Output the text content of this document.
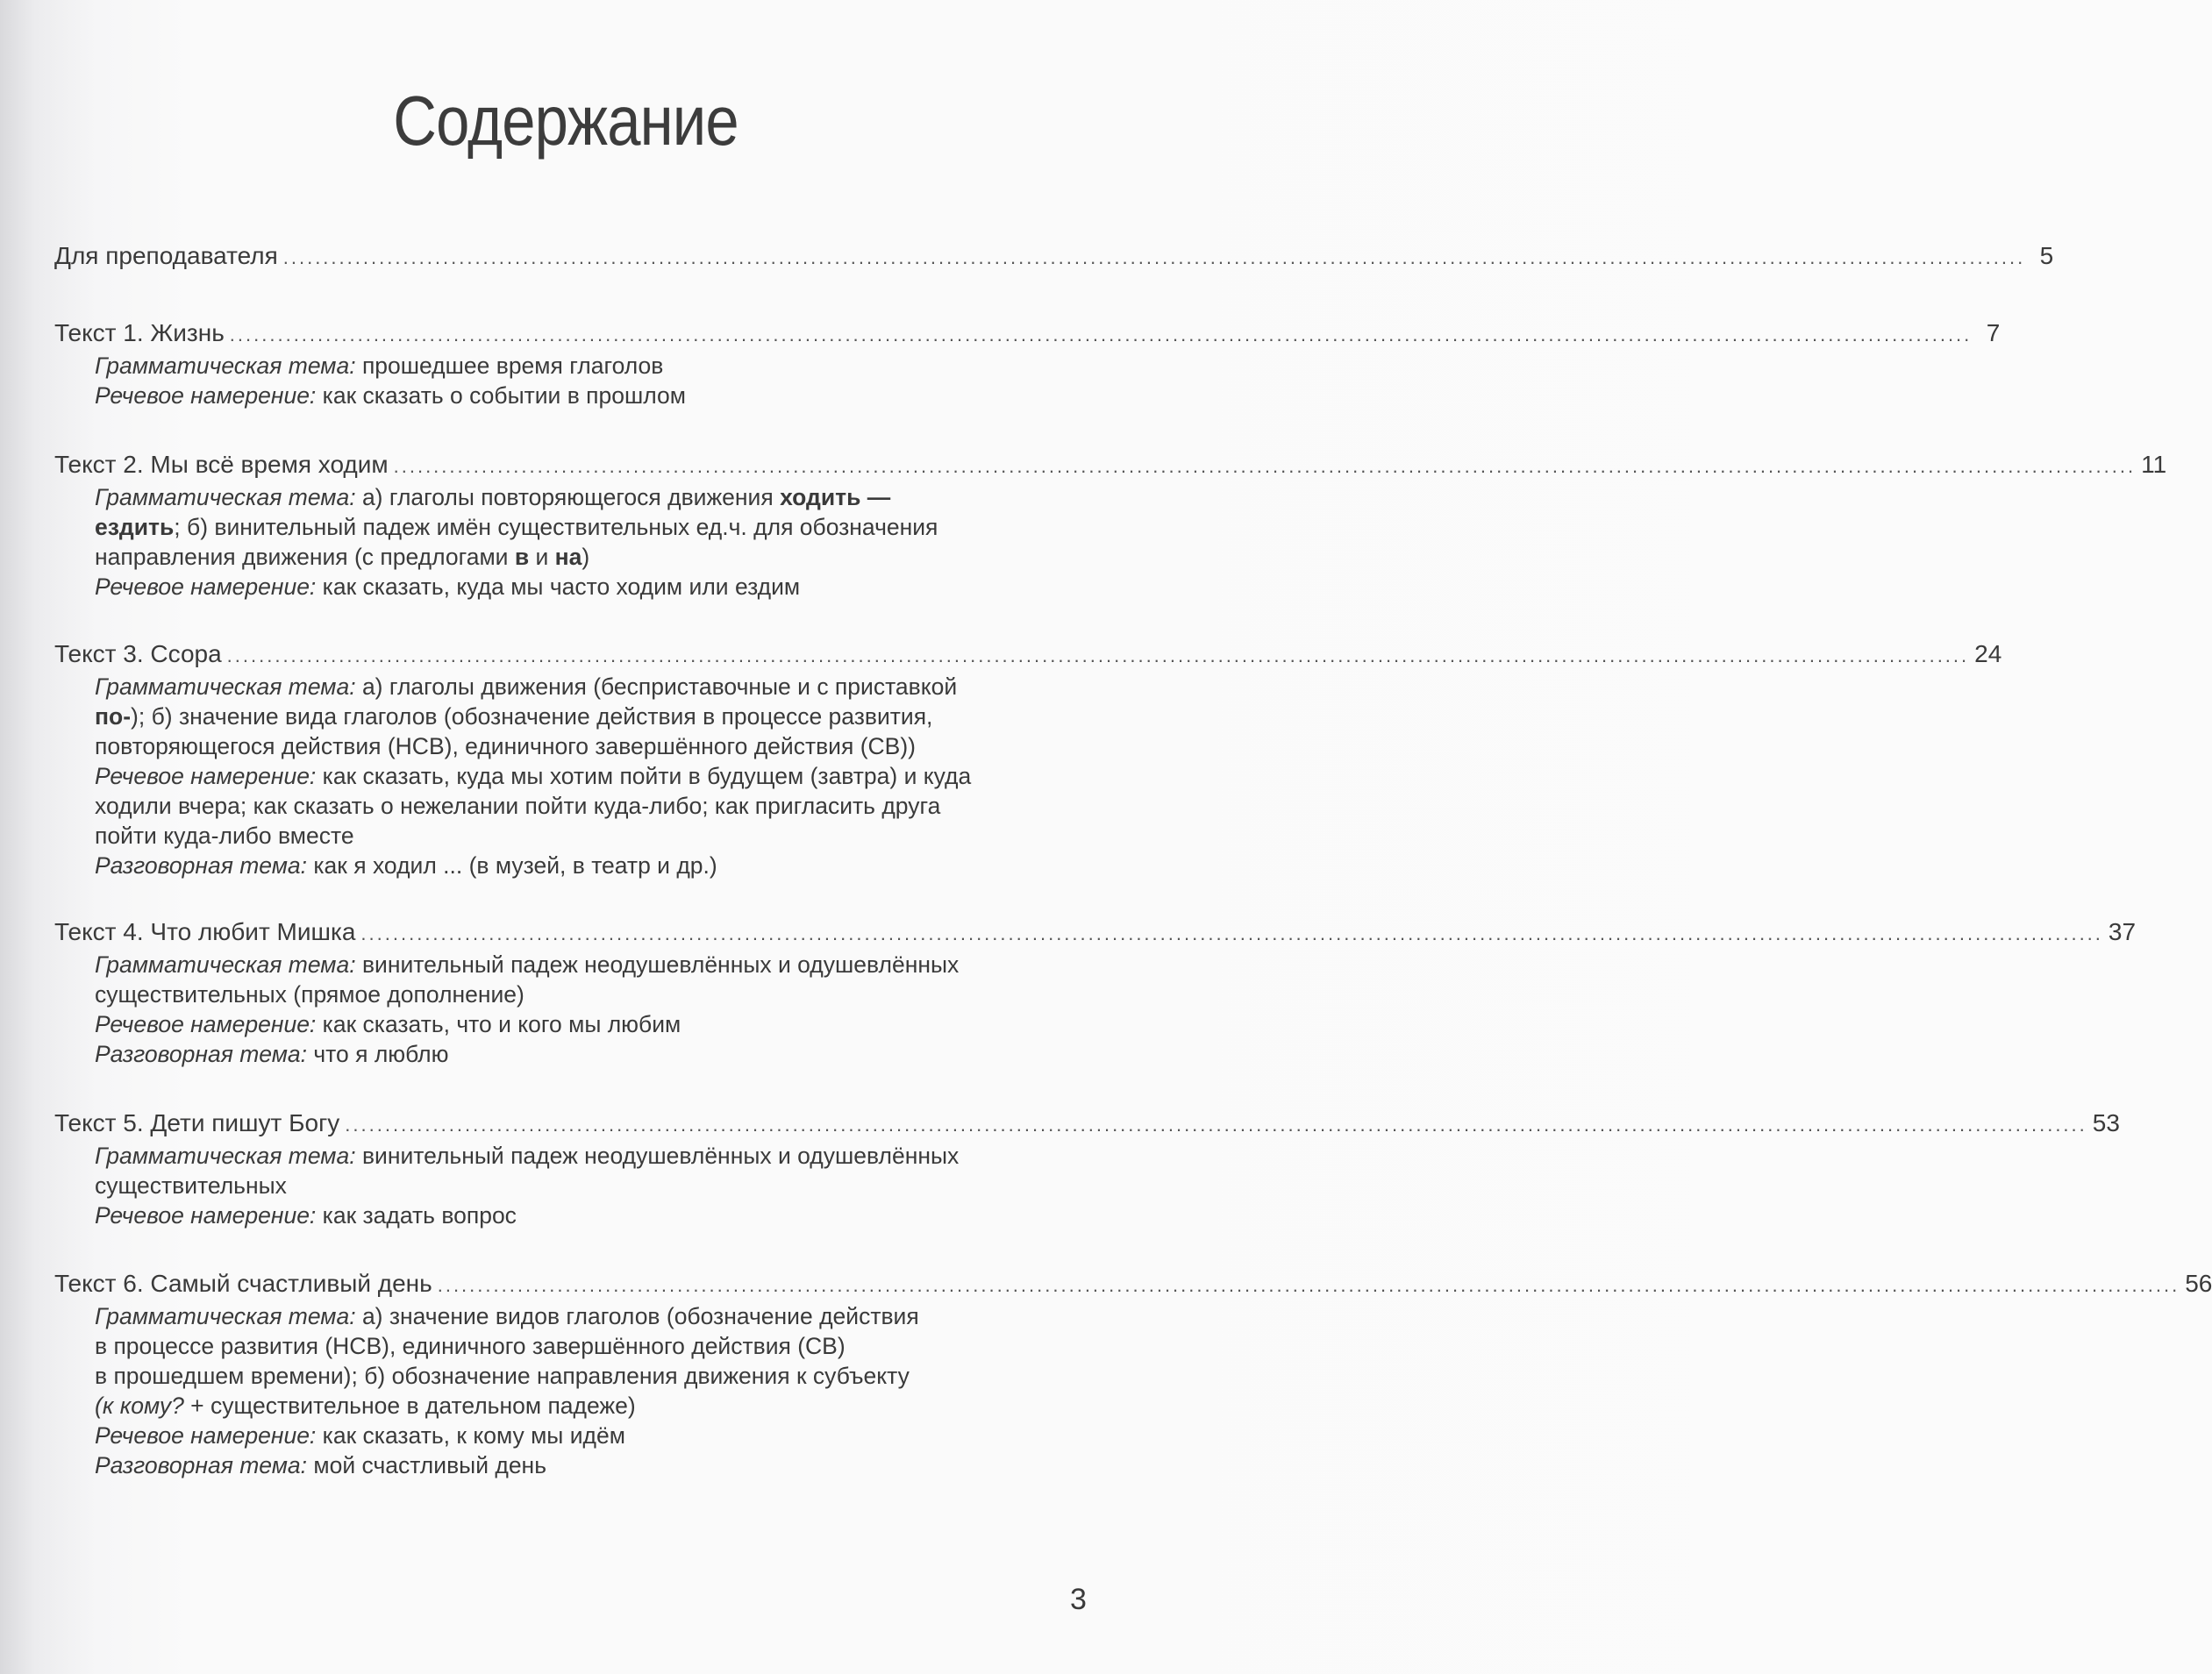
Содержание
Для преподавателя .......................................................................................................................................................................................................................... 5
Текст 1. Жизнь .......................................................................................................................................................................................................................... 7

Грамматическая тема: прошедшее время глаголов

Речевое намерение: как сказать о событии в прошлом

Текст 2. Мы всё время ходим .......................................................................................................................................................................................................................... 11

Грамматическая тема: а) глаголы повторяющегося движения ходить —

ездить; б) винительный падеж имён существительных ед.ч. для обозначения

направления движения (с предлогами в и на)

Речевое намерение: как сказать, куда мы часто ходим или ездим

Текст 3. Ссора .......................................................................................................................................................................................................................... 24

Грамматическая тема: а) глаголы движения (бесприставочные и с приставкой

по-); б) значение вида глаголов (обозначение действия в процессе развития,

повторяющегося действия (НСВ), единичного завершённого действия (СВ))

Речевое намерение: как сказать, куда мы хотим пойти в будущем (завтра) и куда

ходили вчера; как сказать о нежелании пойти куда-либо; как пригласить друга

пойти куда-либо вместе

Разговорная тема: как я ходил ... (в музей, в театр и др.)

Текст 4. Что любит Мишка .......................................................................................................................................................................................................................... 37

Грамматическая тема: винительный падеж неодушевлённых и одушевлённых

существительных (прямое дополнение)

Речевое намерение: как сказать, что и кого мы любим

Разговорная тема: что я люблю

Текст 5. Дети пишут Богу .......................................................................................................................................................................................................................... 53

Грамматическая тема: винительный падеж неодушевлённых и одушевлённых

существительных

Речевое намерение: как задать вопрос

Текст 6. Самый счастливый день .......................................................................................................................................................................................................................... 56

Грамматическая тема: а) значение видов глаголов (обозначение действия

в процессе развития (НСВ), единичного завершённого действия (СВ)

в прошедшем времени); б) обозначение направления движения к субъекту

(к кому? + существительное в дательном падеже)

Речевое намерение: как сказать, к кому мы идём

Разговорная тема: мой счастливый день

3
